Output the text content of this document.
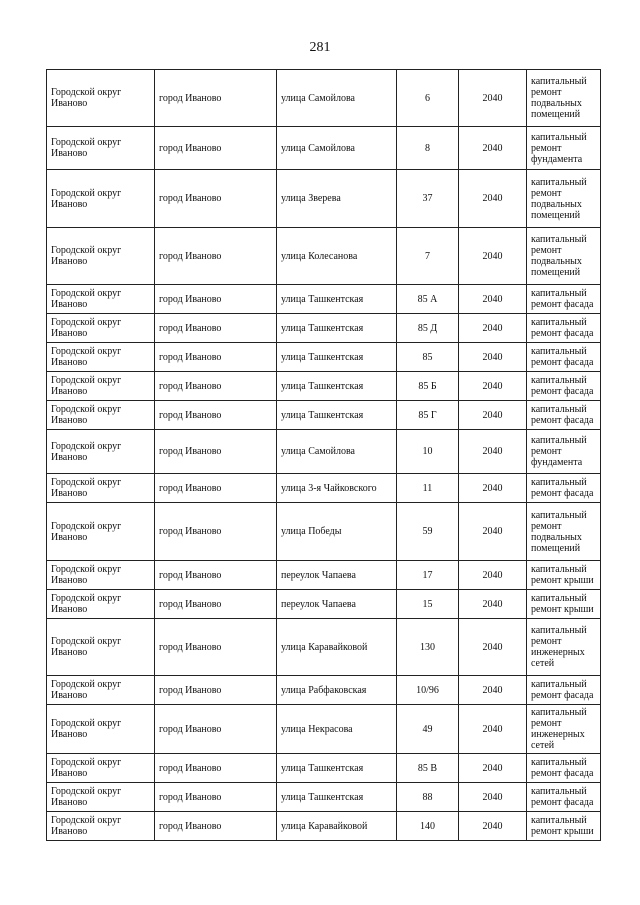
281
Городской округ Иваново	город Иваново	улица Самойлова	6	2040	капитальный ремонт подвальных помещений
Городской округ Иваново	город Иваново	улица Самойлова	8	2040	капитальный ремонт фундамента
Городской округ Иваново	город Иваново	улица Зверева	37	2040	капитальный ремонт подвальных помещений
Городской округ Иваново	город Иваново	улица Колесанова	7	2040	капитальный ремонт подвальных помещений
Городской округ Иваново	город Иваново	улица Ташкентская	85 А	2040	капитальный ремонт фасада
Городской округ Иваново	город Иваново	улица Ташкентская	85 Д	2040	капитальный ремонт фасада
Городской округ Иваново	город Иваново	улица Ташкентская	85	2040	капитальный ремонт фасада
Городской округ Иваново	город Иваново	улица Ташкентская	85 Б	2040	капитальный ремонт фасада
Городской округ Иваново	город Иваново	улица Ташкентская	85 Г	2040	капитальный ремонт фасада
Городской округ Иваново	город Иваново	улица Самойлова	10	2040	капитальный ремонт фундамента
Городской округ Иваново	город Иваново	улица 3-я Чайковского	11	2040	капитальный ремонт фасада
Городской округ Иваново	город Иваново	улица Победы	59	2040	капитальный ремонт подвальных помещений
Городской округ Иваново	город Иваново	переулок Чапаева	17	2040	капитальный ремонт крыши
Городской округ Иваново	город Иваново	переулок Чапаева	15	2040	капитальный ремонт крыши
Городской округ Иваново	город Иваново	улица Каравайковой	130	2040	капитальный ремонт инженерных сетей
Городской округ Иваново	город Иваново	улица Рабфаковская	10/96	2040	капитальный ремонт фасада
Городской округ Иваново	город Иваново	улица Некрасова	49	2040	капитальный ремонт инженерных сетей
Городской округ Иваново	город Иваново	улица Ташкентская	85 В	2040	капитальный ремонт фасада
Городской округ Иваново	город Иваново	улица Ташкентская	88	2040	капитальный ремонт фасада
Городской округ Иваново	город Иваново	улица Каравайковой	140	2040	капитальный ремонт крыши
